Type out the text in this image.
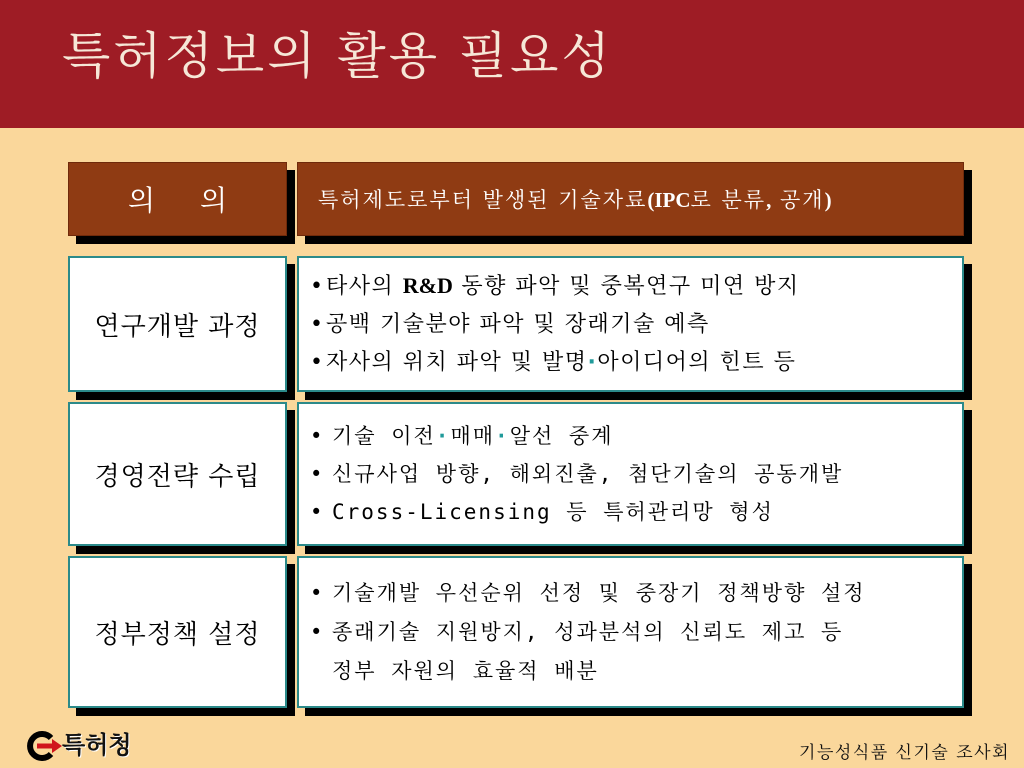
특허정보의 활용 필요성
의 의	특허제도로부터 발생된 기술자료(IPC로 분류, 공개)
연구개발 과정
• 타사의 R&D 동향 파악 및 중복연구 미연 방지
• 공백 기술분야 파악 및 장래기술 예측
• 자사의 위치 파악 및 발명·아이디어의 힌트 등
경영전략 수립
• 기술 이전·매매·알선 중계
• 신규사업 방향, 해외진출, 첨단기술의 공동개발
• Cross-Licensing 등 특허관리망 형성
정부정책 설정
• 기술개발 우선순위 선정 및 중장기 정책방향 설정
• 종래기술 지원방지, 성과분석의 신뢰도 제고 등
정부 자원의 효율적 배분
특허청	기능성식품 신기술 조사회
